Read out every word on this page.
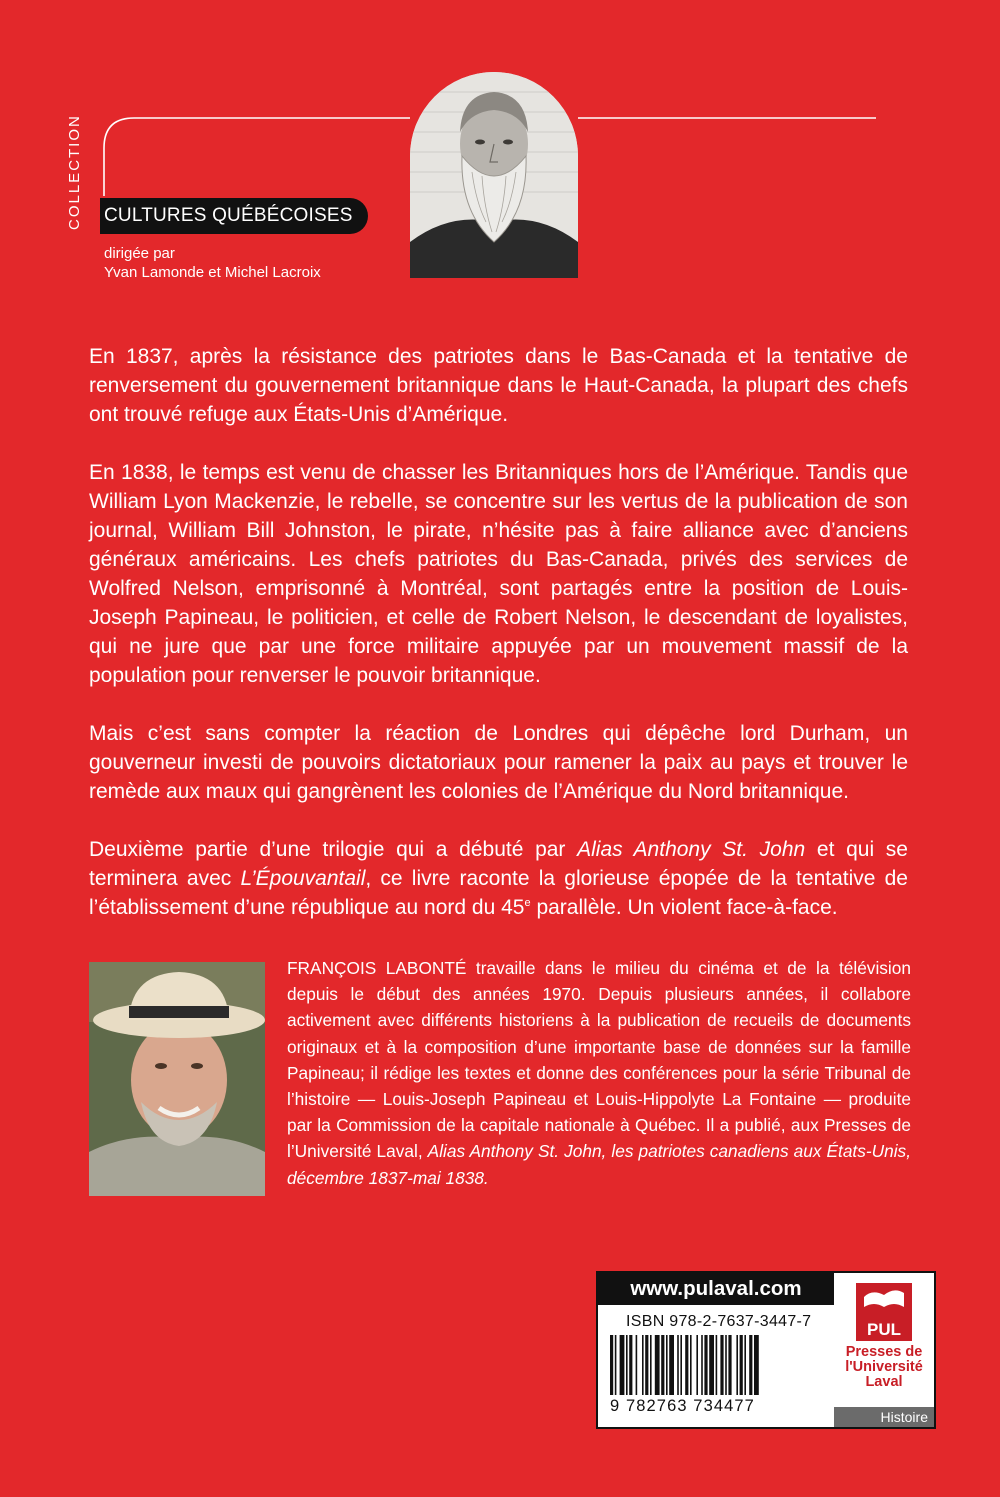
COLLECTION CULTURES QUÉBÉCOISES
dirigée par
Yvan Lamonde et Michel Lacroix

En 1837, après la résistance des patriotes dans le Bas-Canada et la tentative de renversement du gouvernement britannique dans le Haut-Canada, la plupart des chefs ont trouvé refuge aux États-Unis d’Amérique.

En 1838, le temps est venu de chasser les Britanniques hors de l’Amérique. Tandis que William Lyon Mackenzie, le rebelle, se concentre sur les vertus de la publication de son journal, William Bill Johnston, le pirate, n’hésite pas à faire alliance avec d’anciens généraux américains. Les chefs patriotes du Bas-Canada, privés des services de Wolfred Nelson, emprisonné à Montréal, sont partagés entre la position de Louis-Joseph Papineau, le politicien, et celle de Robert Nelson, le descendant de loyalistes, qui ne jure que par une force militaire appuyée par un mouvement massif de la population pour renverser le pouvoir britannique.

Mais c’est sans compter la réaction de Londres qui dépêche lord Durham, un gouverneur investi de pouvoirs dictatoriaux pour ramener la paix au pays et trouver le remède aux maux qui gangrènent les colonies de l’Amérique du Nord britannique.

Deuxième partie d’une trilogie qui a débuté par Alias Anthony St. John et qui se terminera avec L’Épouvantail, ce livre raconte la glorieuse épopée de la tentative de l’établissement d’une république au nord du 45e parallèle. Un violent face-à-face.

FRANÇOIS LABONTÉ travaille dans le milieu du cinéma et de la télévision depuis le début des années 1970. Depuis plusieurs années, il collabore activement avec différents historiens à la publication de recueils de documents originaux et à la composition d’une importante base de données sur la famille Papineau; il rédige les textes et donne des conférences pour la série Tribunal de l’histoire — Louis-Joseph Papineau et Louis-Hippolyte La Fontaine — produite par la Commission de la capitale nationale à Québec. Il a publié, aux Presses de l’Université Laval, Alias Anthony St. John, les patriotes canadiens aux États-Unis, décembre 1837-mai 1838.
www.pulaval.com
ISBN 978-2-7637-3447-7
9 782763 734477
PUL
Presses de
l'Université
Laval
Histoire
